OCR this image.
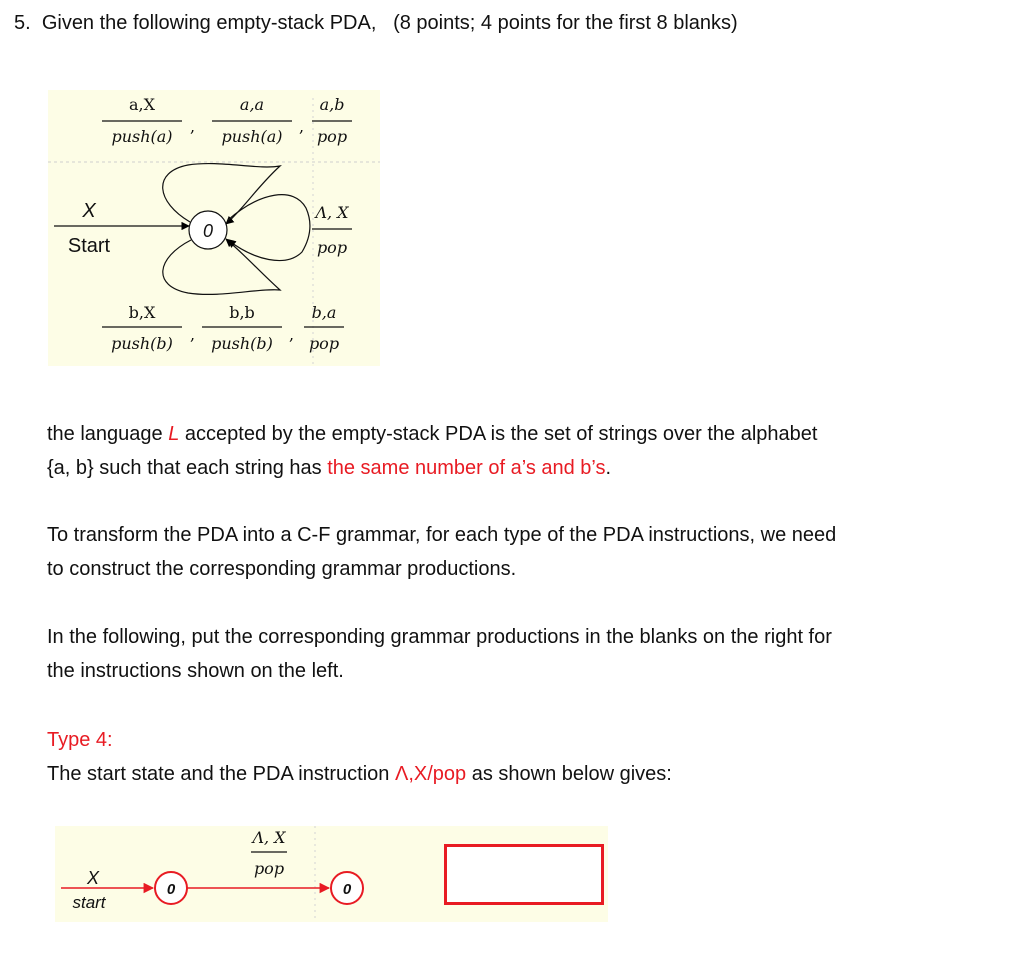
5. Given the following empty-stack PDA, (8 points; 4 points for the first 8 blanks)
a,X
push(a)
,
a,a
push(a)
,
a,b
pop
X
Start
0
Λ, X
pop
b,X
push(b) ,
b,b
push(b) ,
b,a
pop

the language L accepted by the empty-stack PDA is the set of strings over the alphabet
{a, b} such that each string has the same number of a’s and b’s.

To transform the PDA into a C-F grammar, for each type of the PDA instructions, we need
to construct the corresponding grammar productions.

In the following, put the corresponding grammar productions in the blanks on the right for
the instructions shown on the left.

Type 4:
The start state and the PDA instruction Λ,X/pop as shown below gives:

X
start
0
Λ, X
pop
0
